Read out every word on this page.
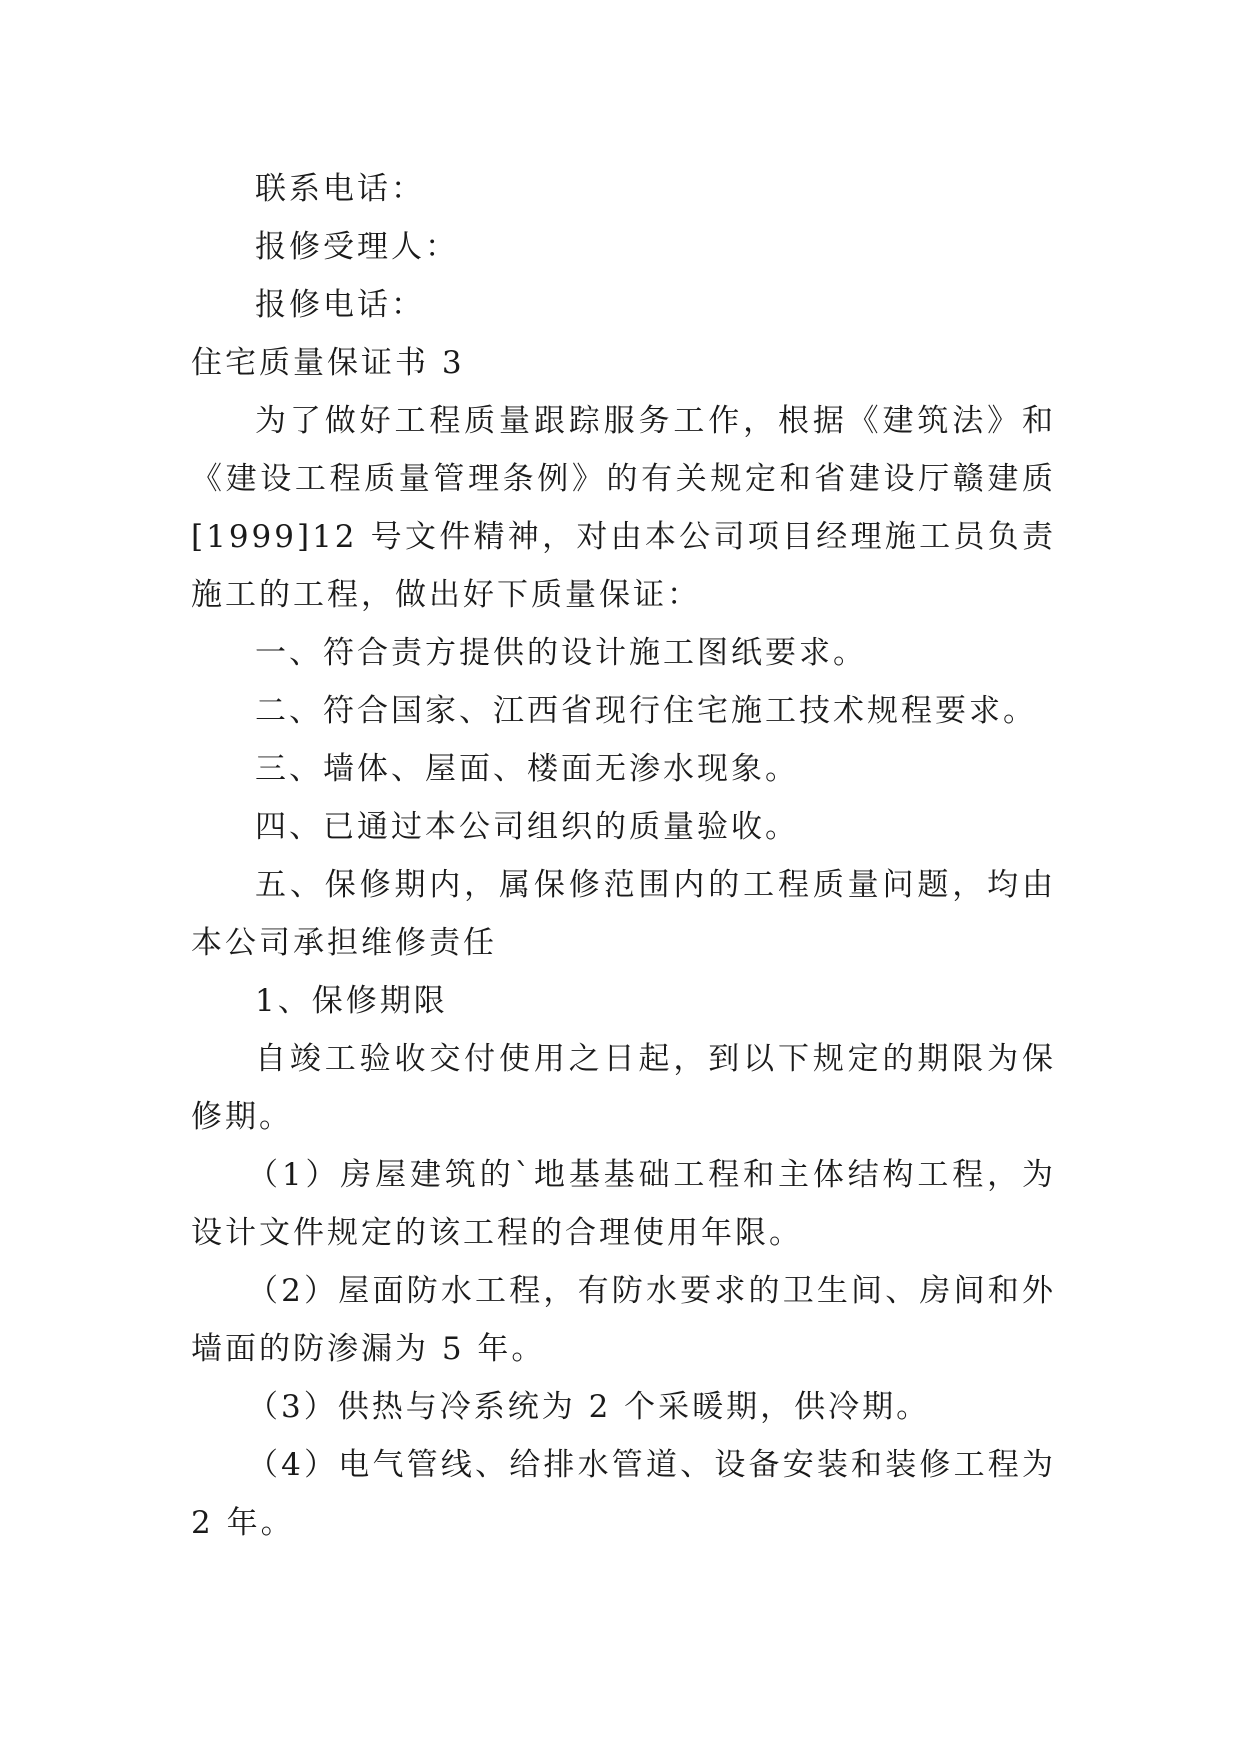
联系电话：

报修受理人：

报修电话：

住宅质量保证书 3

为了做好工程质量跟踪服务工作，根据《建筑法》和《建设工程质量管理条例》的有关规定和省建设厅赣建质[1999]12 号文件精神，对由本公司项目经理施工员负责施工的工程，做出好下质量保证：

一、符合责方提供的设计施工图纸要求。

二、符合国家、江西省现行住宅施工技术规程要求。

三、墙体、屋面、楼面无渗水现象。

四、已通过本公司组织的质量验收。

五、保修期内，属保修范围内的工程质量问题，均由本公司承担维修责任

1、保修期限

自竣工验收交付使用之日起，到以下规定的期限为保修期。

（1）房屋建筑的`地基基础工程和主体结构工程，为设计文件规定的该工程的合理使用年限。

（2）屋面防水工程，有防水要求的卫生间、房间和外墙面的防渗漏为 5 年。

（3）供热与冷系统为 2 个采暖期，供冷期。

（4）电气管线、给排水管道、设备安装和装修工程为 2 年。
